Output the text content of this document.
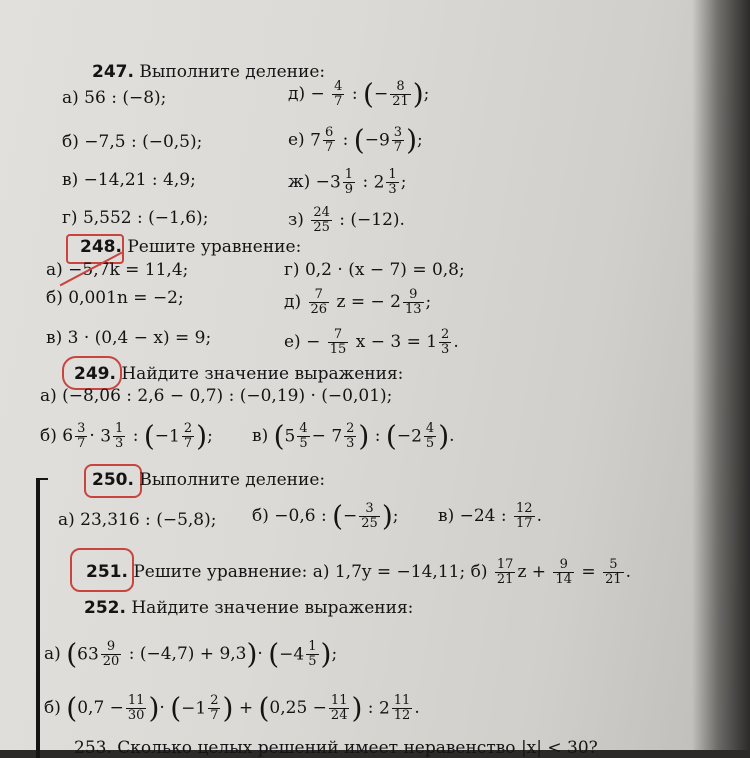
247. Выполните деление:
а) 56 : (−8);
б) −7,5 : (−0,5);
в) −14,21 : 4,9;
г) 5,552 : (−1,6);
$д) - \frac{4}{7}$ : (− $\frac{8}{21}$ );
е) $7 \frac{6}{7}$ : ($-9 \frac{3}{7}$ );
$ж) -3 \frac{1}{9}$ : $2 \frac{1}{3}$ ;
$з) \frac{24}{25}$ : (−12).
248. Решите уравнение:
а) −5,7k = 11,4;
б) 0,001n = −2;
в) 3 · (0,4 − x) = 9;
г) 0,2 · (x − 7) = 0,8;
$д) \frac{7}{26}$ z = − $2 \frac{9}{13}$ ;
$е) - \frac{7}{15}$ $x - 3 = 1 \frac{2}{3}$ .
249. Найдите значение выражения:
а) (−8,06 : 2,6 − 0,7) : (−0,19) · (−0,01);
б) $6 \frac{3}{7} \cdot 3 \frac{1}{3}$ : ($-1 \frac{2}{7}$ ); в) ($5 \frac{4}{5} - 7 \frac{2}{3}$ ) : ($-2 \frac{4}{5}$ ).
250. Выполните деление:
а) 23,316 : (−5,8); б) −0,6 : (− $\frac{3}{25}$ ); в) −24 : $\frac{12}{17}$ .
251. Решите уравнение: а) 1,7y = −14,11; $б) \frac{17}{21}$ $z + \frac{9}{14} = \frac{5}{21}$ .
252. Найдите значение выражения:
а) ($63 \frac{9}{20}$ : $(-4,7) + 9,3)\cdot (-4 \frac{1}{5}$ );
б) ($0,7 - \frac{11}{30}$ )· ($-1 \frac{2}{7}$ ) + ($0,25 - \frac{11}{24}$ ) : $2 \frac{11}{12}$ .
253. Сколько целых решений имеет неравенство |x| < 30?
